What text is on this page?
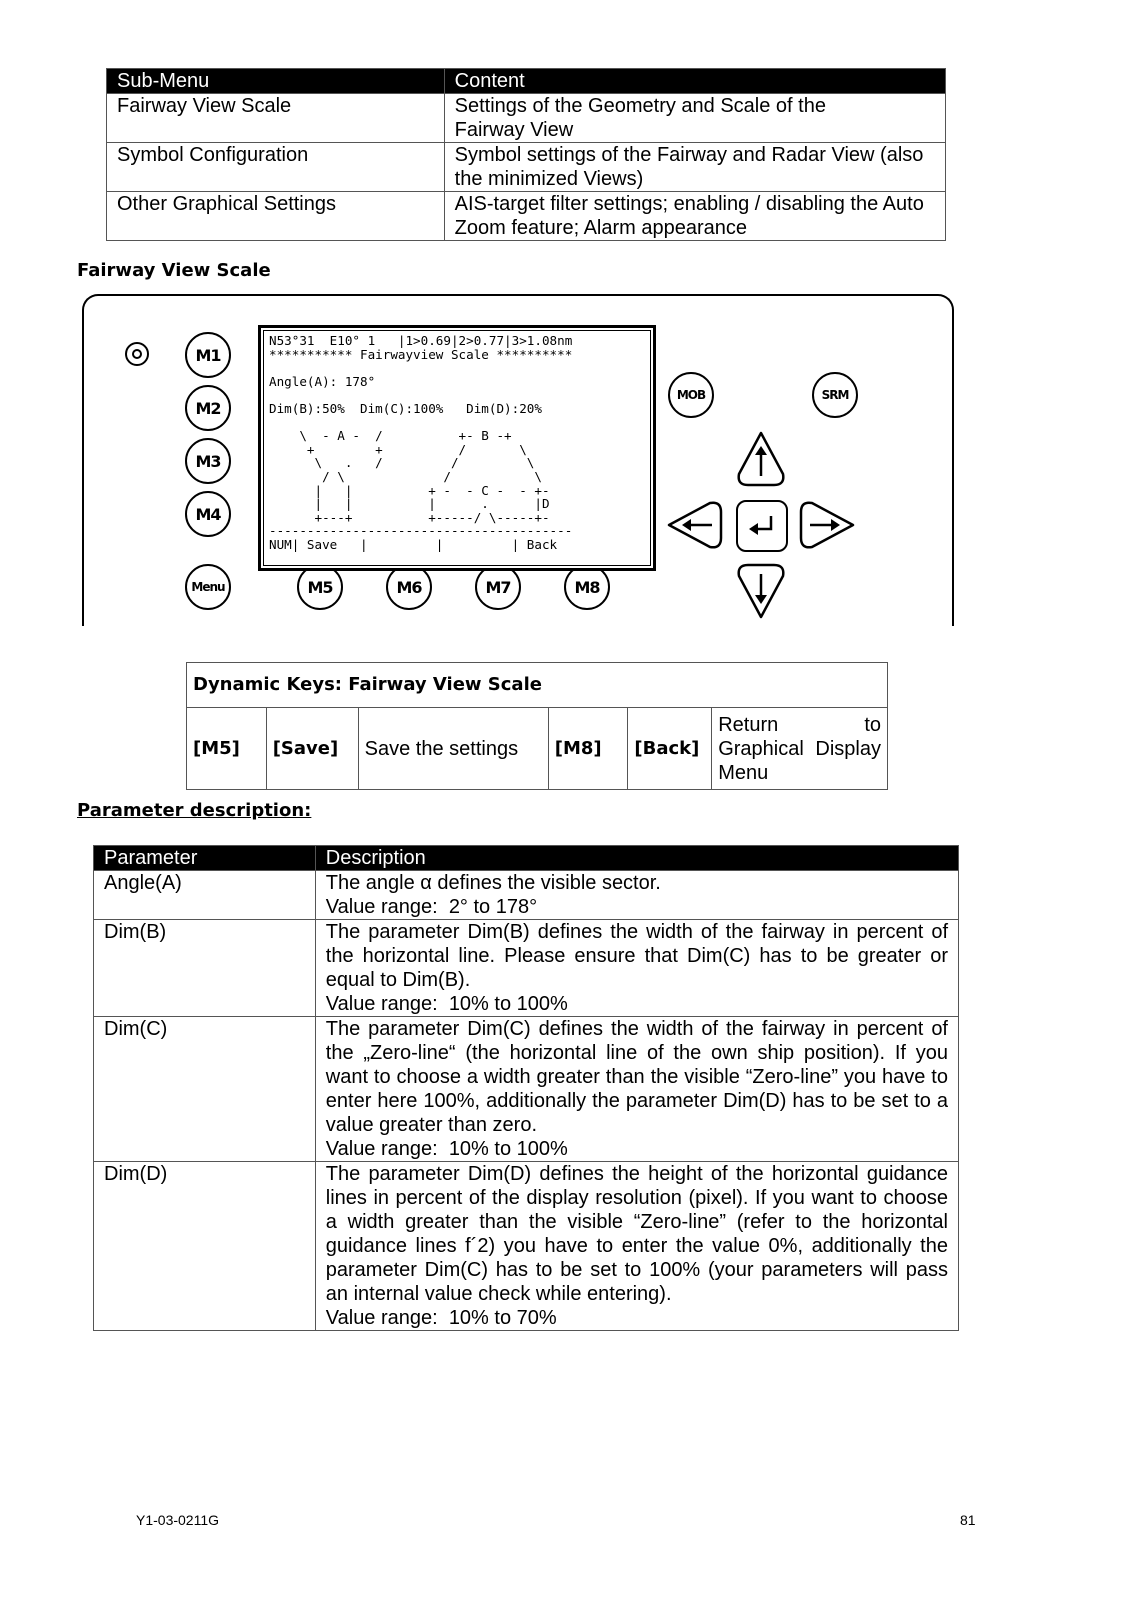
Sub-Menu	Content
Fairway View Scale	Settings of the Geometry and Scale of the
Fairway View
Symbol Configuration	Symbol settings of the Fairway and Radar View (also the minimized Views)
Other Graphical Settings	AIS-target filter settings; enabling / disabling the Auto Zoom feature; Alarm appearance
Fairway View Scale
M1
M2
M3
M4
Menu	M5	M6	M7	M8
MOB	SRM
N53°31  E10° 1   |1>0.69|2>0.77|3>1.08nm
*********** Fairwayview Scale **********

Angle(A): 178°

Dim(B):50%  Dim(C):100%   Dim(D):20%

\  - A -  /          +- B -+
+        +          /       \
\   .   /         /         \
/ \             /           \
|   |          + -  - C -  - +-
|   |          |      .      |D
+---+          +-----/ \-----+-
----------------------------------------
NUM| Save   |         |         | Back
Dynamic Keys: Fairway View Scale
[M5]	[Save]	Save the settings	[M8]	[Back]	Return to Graphical Display Menu
Parameter description:
Parameter	Description
Angle(A)	The angle α defines the visible sector.
Value range:  2° to 178°

Dim(B)	The parameter Dim(B) defines the width of the fairway in percent of the horizontal line. Please ensure that Dim(C) has to be greater or equal to Dim(B).
Value range:  10% to 100%

Dim(C)	The parameter Dim(C) defines the width of the fairway in percent of the „Zero-line“ (the horizontal line of the own ship position). If you want to choose a width greater than the visible “Zero-line” you have to enter here 100%, additionally the parameter Dim(D) has to be set to a value greater than zero.
Value range:  10% to 100%

Dim(D)	The parameter Dim(D) defines the height of the horizontal guidance lines in percent of the display resolution (pixel). If you want to choose a width greater than the visible “Zero-line” (refer to the horizontal guidance lines f´2) you have to enter the value 0%, additionally the parameter Dim(C) has to be set to 100% (your parameters will pass an internal value check while entering).
Value range:  10% to 70%
Y1-03-0211G	81
